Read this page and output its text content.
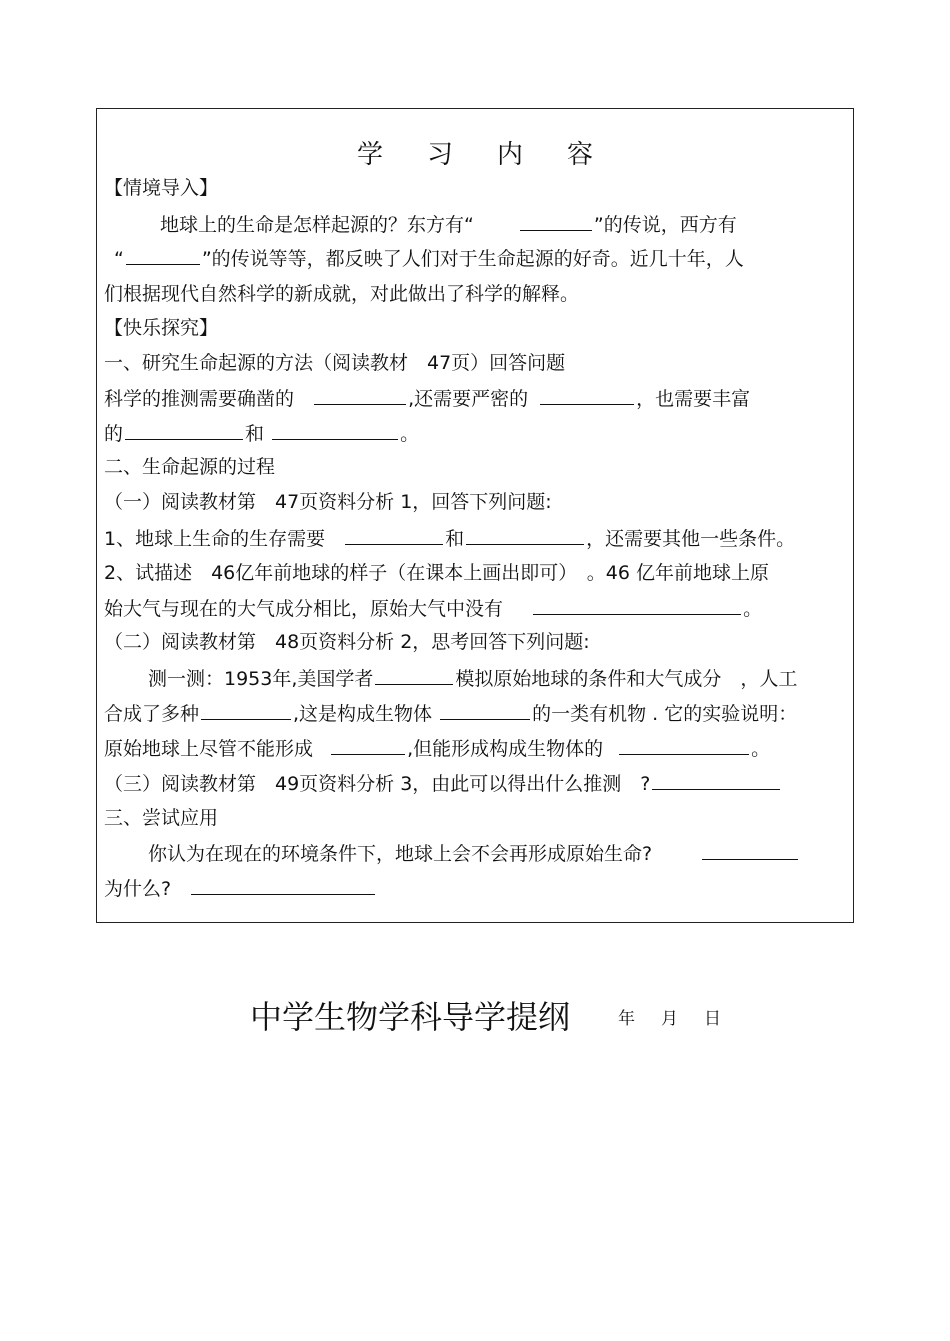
学习内容
【情境导入】
地球上的生命是怎样起源的？东方有“	”的传说，西方有
“	”的传说等等，都反映了人们对于生命起源的好奇。近几十年，人
们根据现代自然科学的新成就，对此做出了科学的解释。
【快乐探究】
一、研究生命起源的方法（阅读教材　47页）回答问题
科学的推测需要确凿的	,还需要严密的	，也需要丰富
的	和	。
二、生命起源的过程
（一）阅读教材第　47页资料分析 1，回答下列问题:
1、地球上生命的生存需要	和	，还需要其他一些条件。
2、试描述　46亿年前地球的样子（在课本上画出即可）　。46 亿年前地球上原
始大气与现在的大气成分相比，原始大气中没有	。
（二）阅读教材第　48页资料分析 2，思考回答下列问题:
测一测：1953年,美国学者	模拟原始地球的条件和大气成分　，人工
合成了多种	,这是构成生物体	的一类有机物 . 它的实验说明：
原始地球上尽管不能形成	,但能形成构成生物体的	。
（三）阅读教材第　49页资料分析 3，由此可以得出什么推测　?
三、尝试应用
你认为在现在的环境条件下，地球上会不会再形成原始生命?
为什么?
中学生物学科导学提纲	年 月 日
